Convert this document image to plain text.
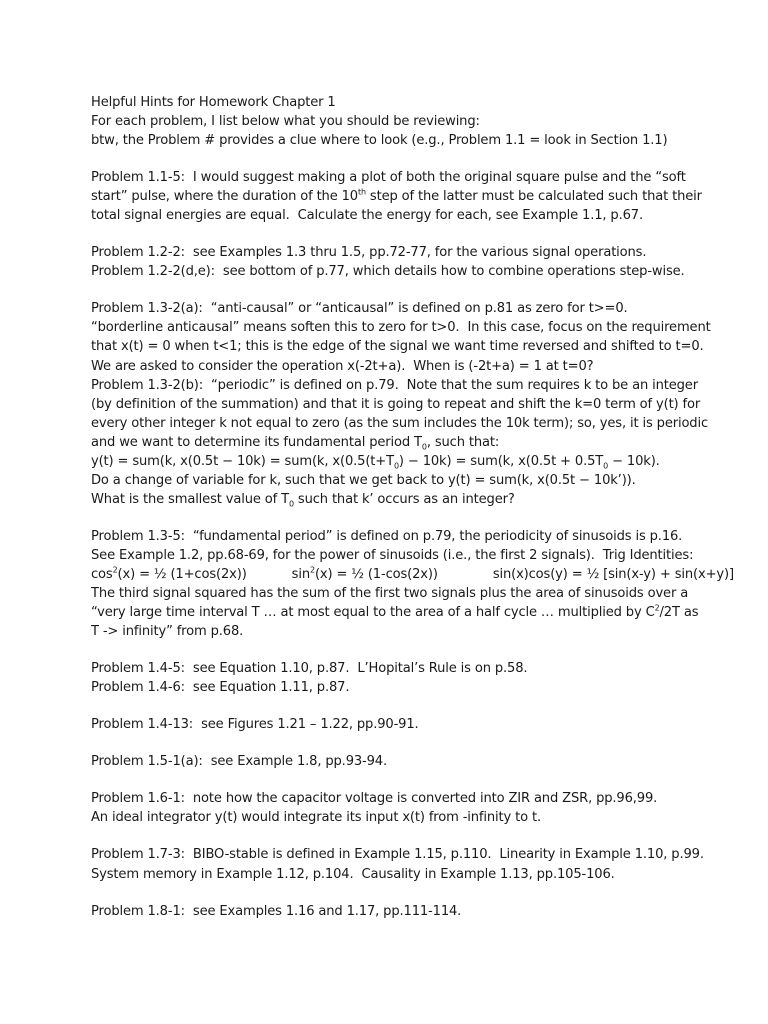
Helpful Hints for Homework Chapter 1
For each problem, I list below what you should be reviewing:
btw, the Problem # provides a clue where to look (e.g., Problem 1.1 = look in Section 1.1)
Problem 1.1-5:  I would suggest making a plot of both the original square pulse and the “soft
start” pulse, where the duration of the 10th step of the latter must be calculated such that their
total signal energies are equal.  Calculate the energy for each, see Example 1.1, p.67.
Problem 1.2-2:  see Examples 1.3 thru 1.5, pp.72-77, for the various signal operations.
Problem 1.2-2(d,e):  see bottom of p.77, which details how to combine operations step-wise.
Problem 1.3-2(a):  “anti-causal” or “anticausal” is defined on p.81 as zero for t>=0.
“borderline anticausal” means soften this to zero for t>0.  In this case, focus on the requirement
that x(t) = 0 when t<1; this is the edge of the signal we want time reversed and shifted to t=0.
We are asked to consider the operation x(-2t+a).  When is (-2t+a) = 1 at t=0?
Problem 1.3-2(b):  “periodic” is defined on p.79.  Note that the sum requires k to be an integer
(by definition of the summation) and that it is going to repeat and shift the k=0 term of y(t) for
every other integer k not equal to zero (as the sum includes the 10k term); so, yes, it is periodic
and we want to determine its fundamental period $T_0$, such that:
y(t) = sum(k, x(0.5t − 10k) = sum(k, $x(0.5(t+T_0) - 10k) = sum(k$, $x(0.5t + 0.5T_0 - 10k)$.
Do a change of variable for k, such that we get back to y(t) = sum(k, x(0.5t − 10k’)).
What is the smallest value of $T_0$ such that k’ occurs as an integer?
Problem 1.3-5:  “fundamental period” is defined on p.79, the periodicity of sinusoids is p.16.
See Example 1.2, pp.68-69, for the power of sinusoids (i.e., the first 2 signals).  Trig Identities:
$\cos^2(x)$ = ½ (1+cos(2x))	$\sin^2(x)$ = ½ (1-cos(2x))	sin(x)cos(y) = ½ [sin(x-y) + sin(x+y)]
The third signal squared has the sum of the first two signals plus the area of sinusoids over a
“very large time interval T … at most equal to the area of a half cycle … multiplied by $C^2/2T$ as
T -> infinity” from p.68.
Problem 1.4-5:  see Equation 1.10, p.87.  L’Hopital’s Rule is on p.58.
Problem 1.4-6:  see Equation 1.11, p.87.
Problem 1.4-13:  see Figures 1.21 – 1.22, pp.90-91.
Problem 1.5-1(a):  see Example 1.8, pp.93-94.
Problem 1.6-1:  note how the capacitor voltage is converted into ZIR and ZSR, pp.96,99.
An ideal integrator y(t) would integrate its input x(t) from -infinity to t.
Problem 1.7-3:  BIBO-stable is defined in Example 1.15, p.110.  Linearity in Example 1.10, p.99.
System memory in Example 1.12, p.104.  Causality in Example 1.13, pp.105-106.
Problem 1.8-1:  see Examples 1.16 and 1.17, pp.111-114.
